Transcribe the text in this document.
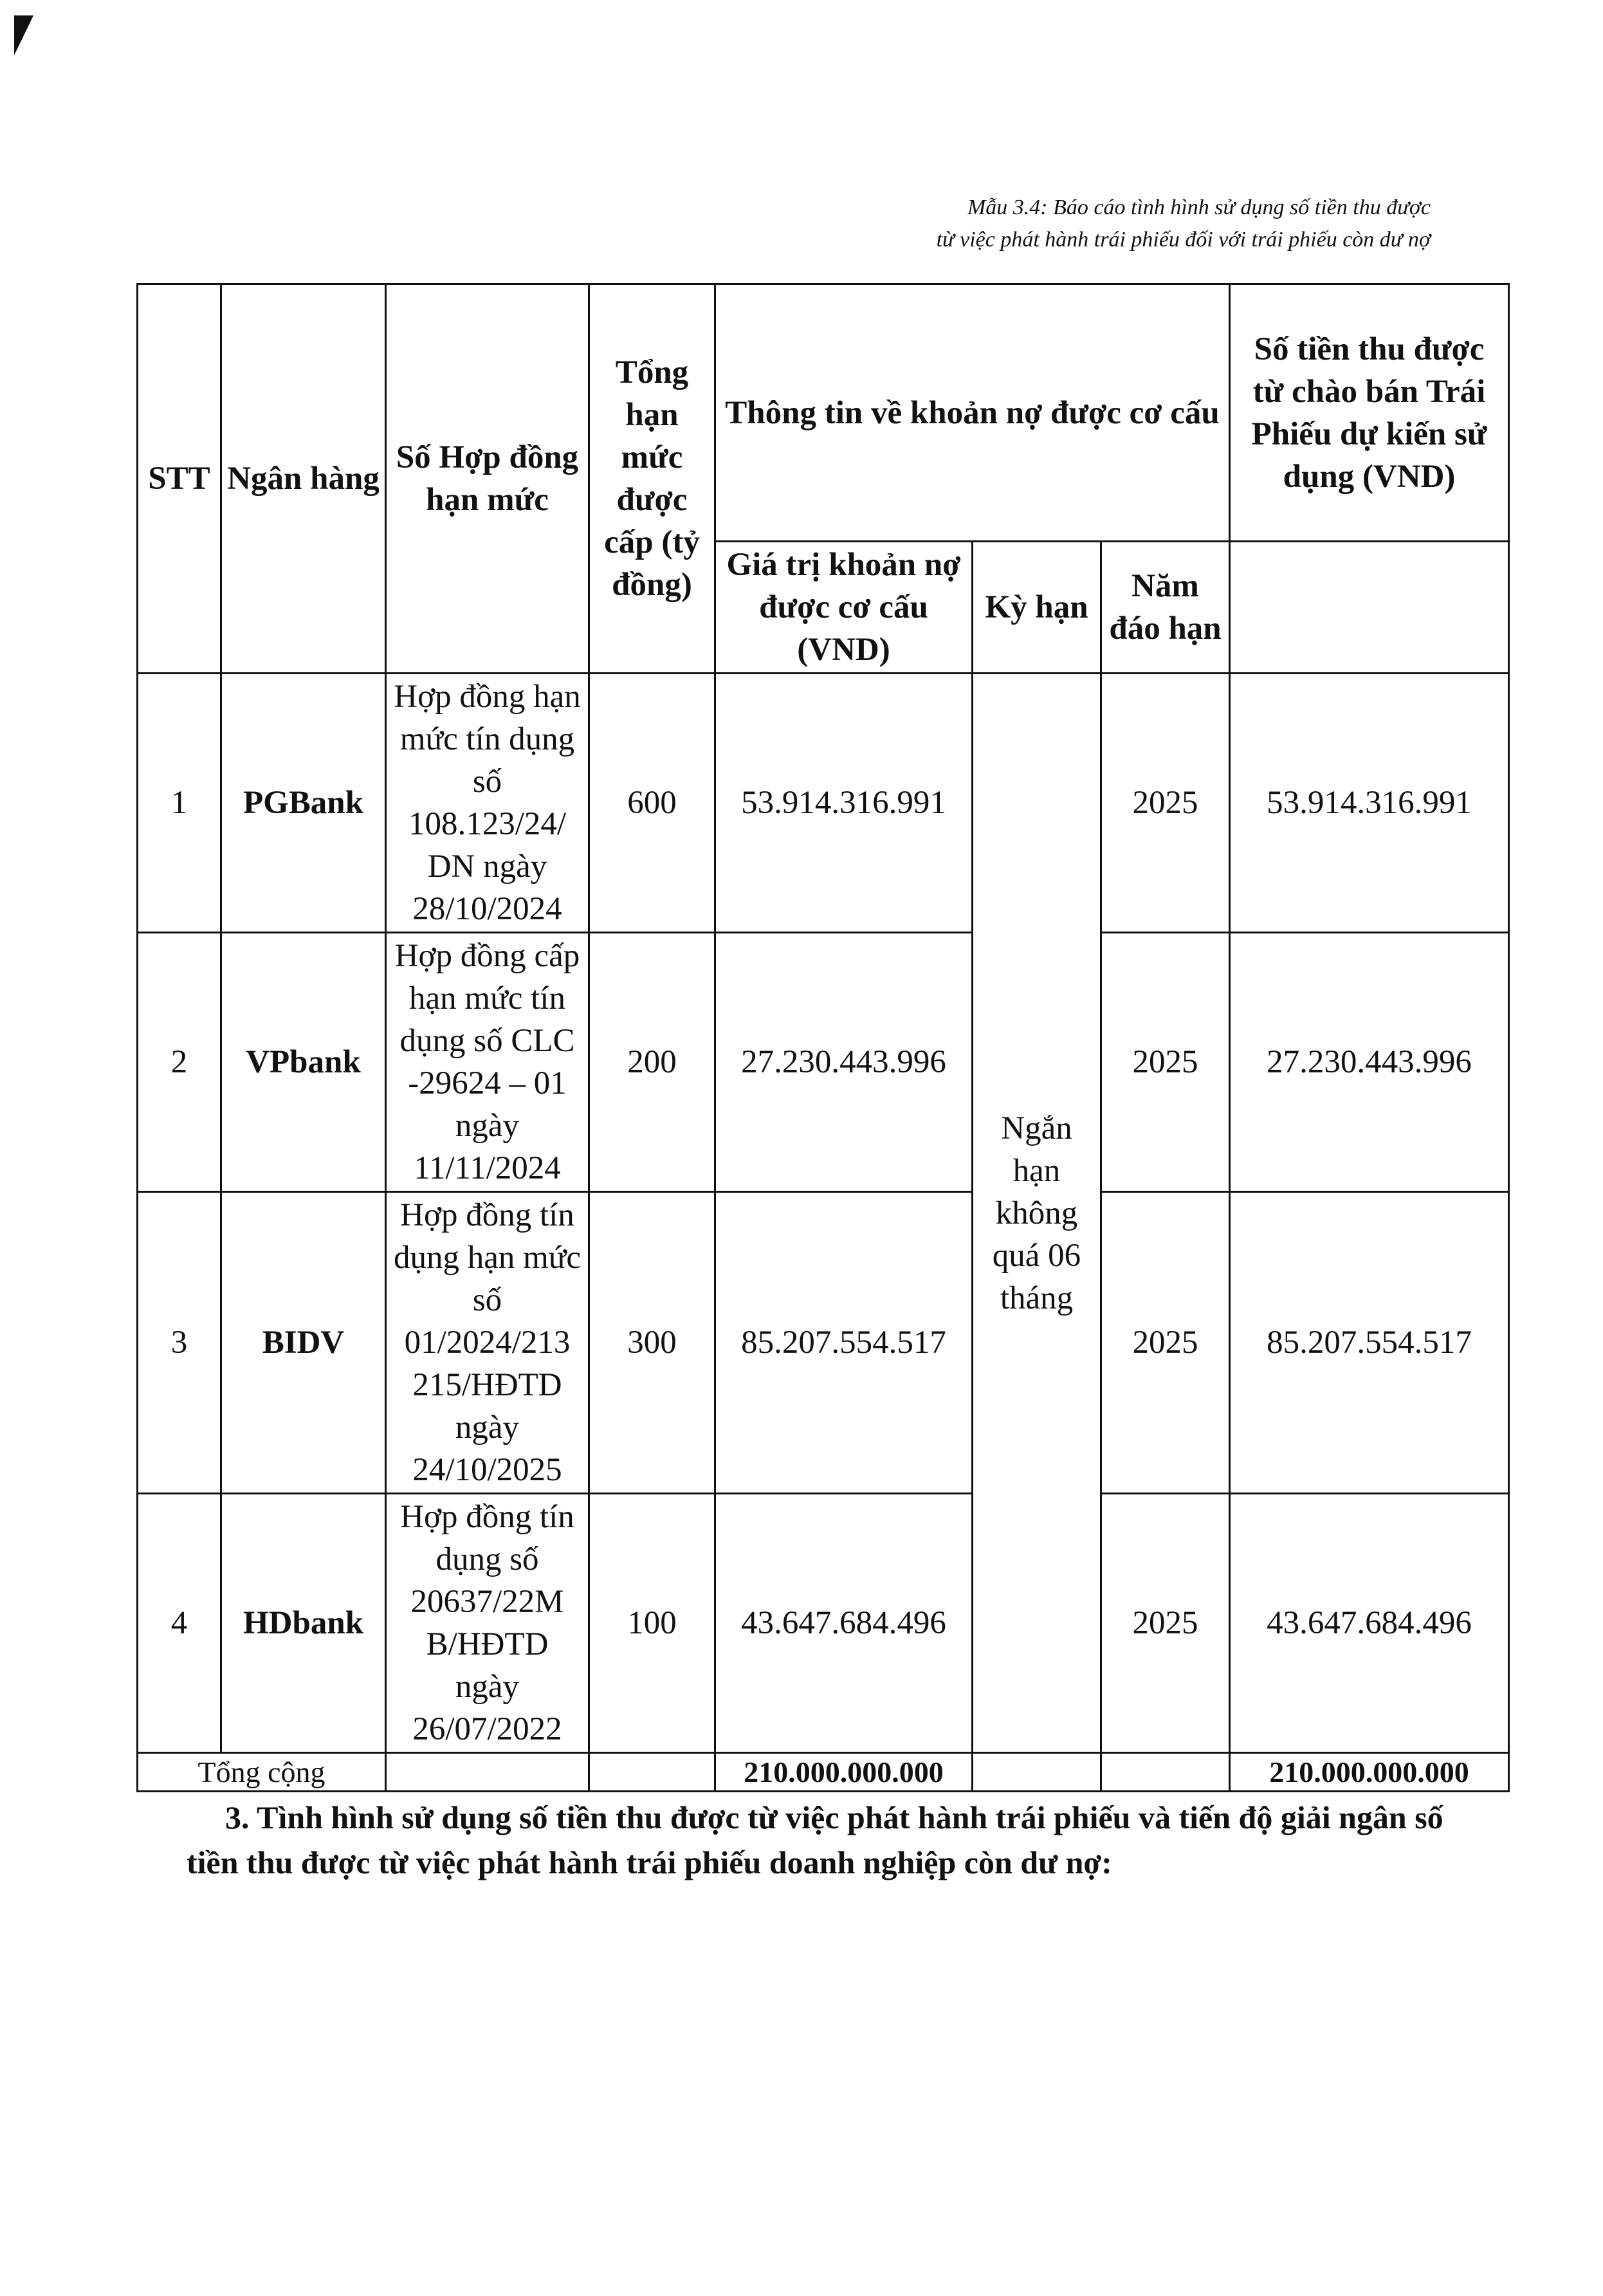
Mẫu 3.4: Báo cáo tình hình sử dụng số tiền thu được
từ việc phát hành trái phiếu đối với trái phiếu còn dư nợ
STT	Ngân hàng	Số Hợp đồng hạn mức	Tổng hạn mức được cấp (tỷ đồng)	Thông tin về khoản nợ được cơ cấu			Số tiền thu được từ chào bán Trái Phiếu dự kiến sử dụng (VND)
				Giá trị khoản nợ được cơ cấu (VND)	Kỳ hạn	Năm đáo hạn	
1	PGBank	Hợp đồng hạn mức tín dụng số 108.123/24/ DN ngày 28/10/2024	600	53.914.316.991	Ngắn hạn không quá 06 tháng	2025	53.914.316.991
2	VPbank	Hợp đồng cấp hạn mức tín dụng số CLC -29624 – 01 ngày 11/11/2024	200	27.230.443.996		2025	27.230.443.996
3	BIDV	Hợp đồng tín dụng hạn mức số 01/2024/213 215/HĐTD ngày 24/10/2025	300	85.207.554.517		2025	85.207.554.517
4	HDbank	Hợp đồng tín dụng số 20637/22M B/HĐTD ngày 26/07/2022	100	43.647.684.496		2025	43.647.684.496
Tổng cộng				210.000.000.000			210.000.000.000
3. Tình hình sử dụng số tiền thu được từ việc phát hành trái phiếu và tiến độ giải ngân số tiền thu được từ việc phát hành trái phiếu doanh nghiệp còn dư nợ:
